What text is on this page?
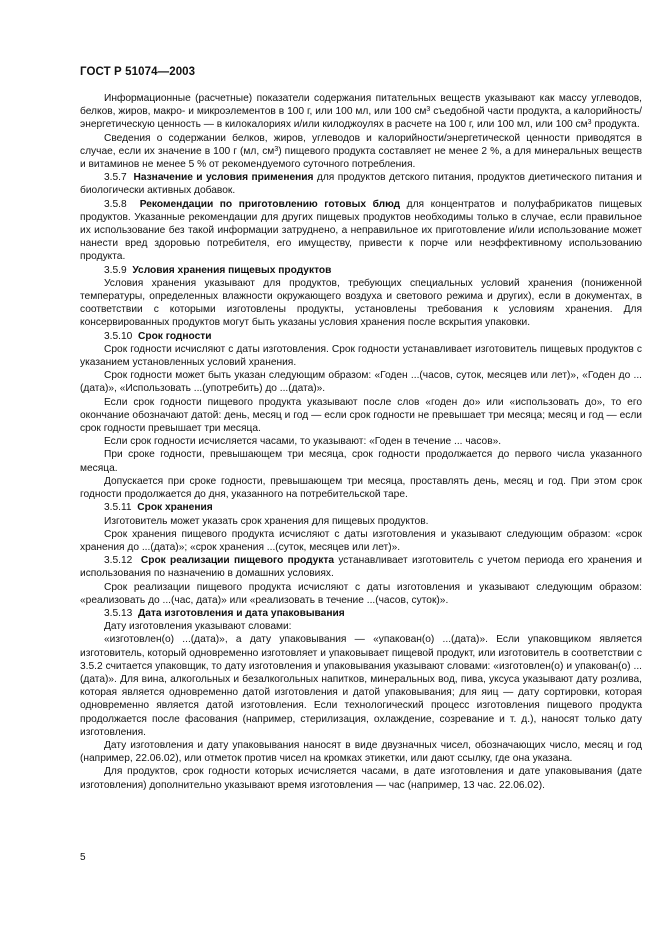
ГОСТ Р 51074—2003

Информационные (расчетные) показатели содержания питательных веществ указывают как массу углеводов, белков, жиров, макро- и микроэлементов в 100 г, или 100 мл, или 100 $см^3$ съедобной части продукта, а калорийность/энергетическую ценность — в килокалориях и/или килоджоулях в расчете на 100 г, или 100 мл, или 100 $см^3$ продукта.

Сведения о содержании белков, жиров, углеводов и калорийности/энергетической ценности приводятся в случае, если их значение в 100 г (мл, $см^3$) пищевого продукта составляет не менее 2 %, а для минеральных веществ и витаминов не менее 5 % от рекомендуемого суточного потребления.

3.5.7  Назначение и условия применения для продуктов детского питания, продуктов диетического питания и биологически активных добавок.

3.5.8  Рекомендации по приготовлению готовых блюд для концентратов и полуфабрикатов пищевых продуктов. Указанные рекомендации для других пищевых продуктов необходимы только в случае, если правильное их использование без такой информации затруднено, а неправильное их приготовление и/или использование может нанести вред здоровью потребителя, его имуществу, привести к порче или неэффективному использованию продукта.

3.5.9  Условия хранения пищевых продуктов

Условия хранения указывают для продуктов, требующих специальных условий хранения (пониженной температуры, определенных влажности окружающего воздуха и светового режима и других), если в документах, в соответствии с которыми изготовлены продукты, установлены требования к условиям хранения. Для консервированных продуктов могут быть указаны условия хранения после вскрытия упаковки.

3.5.10  Срок годности

Срок годности исчисляют с даты изготовления. Срок годности устанавливает изготовитель пищевых продуктов с указанием установленных условий хранения.

Срок годности может быть указан следующим образом: «Годен ...(часов, суток, месяцев или лет)», «Годен до ...(дата)», «Использовать ...(употребить) до ...(дата)».

Если срок годности пищевого продукта указывают после слов «годен до» или «использовать до», то его окончание обозначают датой: день, месяц и год — если срок годности не превышает три месяца; месяц и год — если срок годности превышает три месяца.

Если срок годности исчисляется часами, то указывают: «Годен в течение ... часов».

При сроке годности, превышающем три месяца, срок годности продолжается до первого числа указанного месяца.

Допускается при сроке годности, превышающем три месяца, проставлять день, месяц и год. При этом срок годности продолжается до дня, указанного на потребительской таре.

3.5.11  Срок хранения

Изготовитель может указать срок хранения для пищевых продуктов.

Срок хранения пищевого продукта исчисляют с даты изготовления и указывают следующим образом: «срок хранения до ...(дата)»; «срок хранения ...(суток, месяцев или лет)».

3.5.12  Срок реализации пищевого продукта устанавливает изготовитель с учетом периода его хранения и использования по назначению в домашних условиях.

Срок реализации пищевого продукта исчисляют с даты изготовления и указывают следующим образом: «реализовать до ...(час, дата)» или «реализовать в течение ...(часов, суток)».

3.5.13  Дата изготовления и дата упаковывания

Дату изготовления указывают словами:

«изготовлен(о) ...(дата)», а дату упаковывания — «упакован(о) ...(дата)». Если упаковщиком является изготовитель, который одновременно изготовляет и упаковывает пищевой продукт, или изготовитель в соответствии с 3.5.2 считается упаковщик, то дату изготовления и упаковывания указывают словами: «изготовлен(о) и упакован(о) ...(дата)». Для вина, алкогольных и безалкогольных напитков, минеральных вод, пива, уксуса указывают дату розлива, которая является одновременно датой изготовления и датой упаковывания; для яиц — дату сортировки, которая одновременно является датой изготовления. Если технологический процесс изготовления пищевого продукта продолжается после фасования (например, стерилизация, охлаждение, созревание и т. д.), наносят только дату изготовления.

Дату изготовления и дату упаковывания наносят в виде двузначных чисел, обозначающих число, месяц и год (например, 22.06.02), или отметок против чисел на кромках этикетки, или дают ссылку, где она указана.

Для продуктов, срок годности которых исчисляется часами, в дате изготовления и дате упаковывания (дате изготовления) дополнительно указывают время изготовления — час (например, 13 час. 22.06.02).

5
